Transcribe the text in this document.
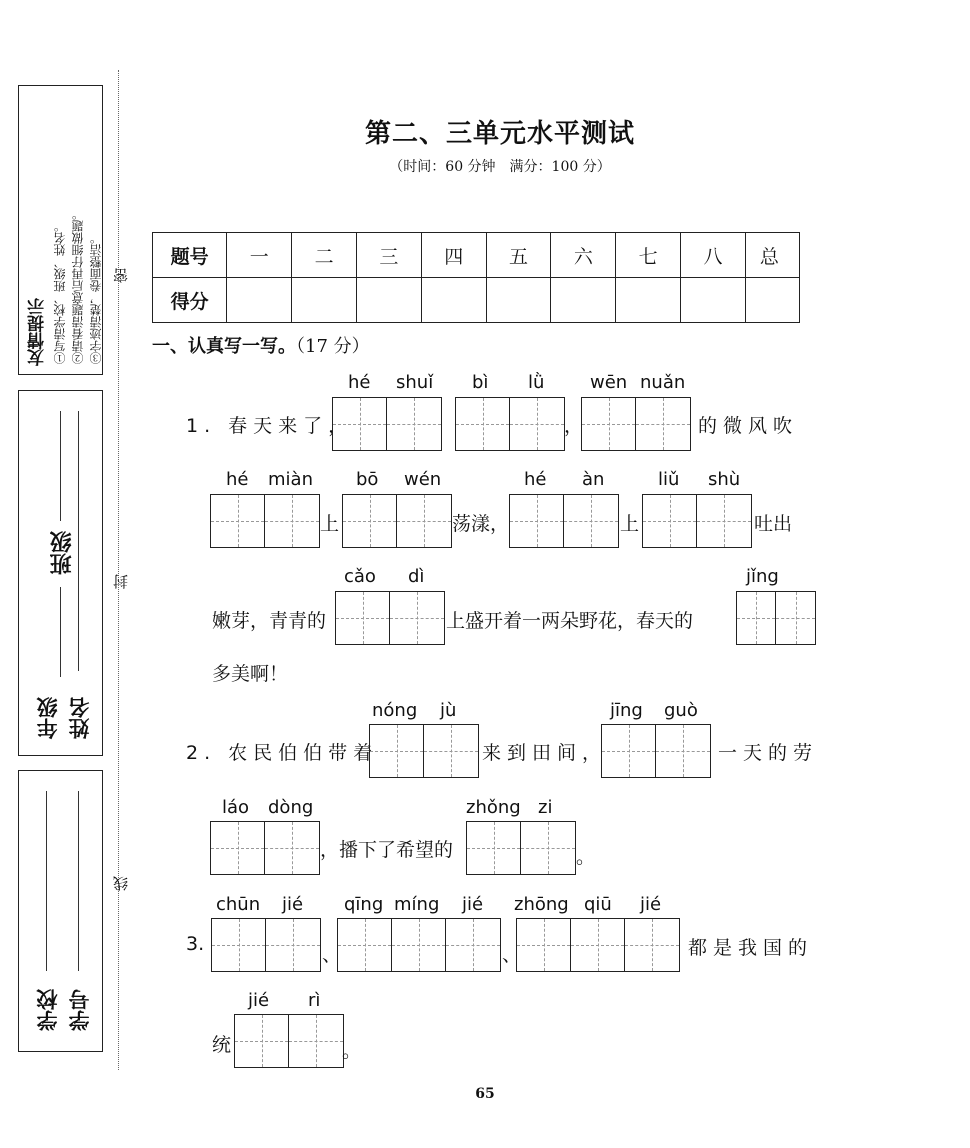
友情提示 ①写清学校、班级、姓名。 ②请看清题意后再仔细做题。 ③字迹清楚，卷面整洁。
班级
年级 姓名
学校 学号
密
封
线
第二、三单元水平测试
（时间：60 分钟　满分：100 分）
题号	一	二	三	四	五	六	七	八	总
得分									
一、认真写一写。（17 分）
hé shuǐ bì lǜ	wēn nuǎn
1. 春天来了，	，	的微风吹
hé miàn bō wén	hé àn	liǔ shù
上	荡漾，	上	吐出
cǎo dì	jǐng
嫩芽，青青的	上盛开着一两朵野花，春天的
多美啊！
nóng jù	jīng guò
2. 农民伯伯带着	来到田间，	一天的劳
láo dòng	zhǒng zi
，播下了希望的	。
chūn jié qīng míng jié zhōng qiū jié
3.	、	、	都是我国的
jié rì
统	。
65
